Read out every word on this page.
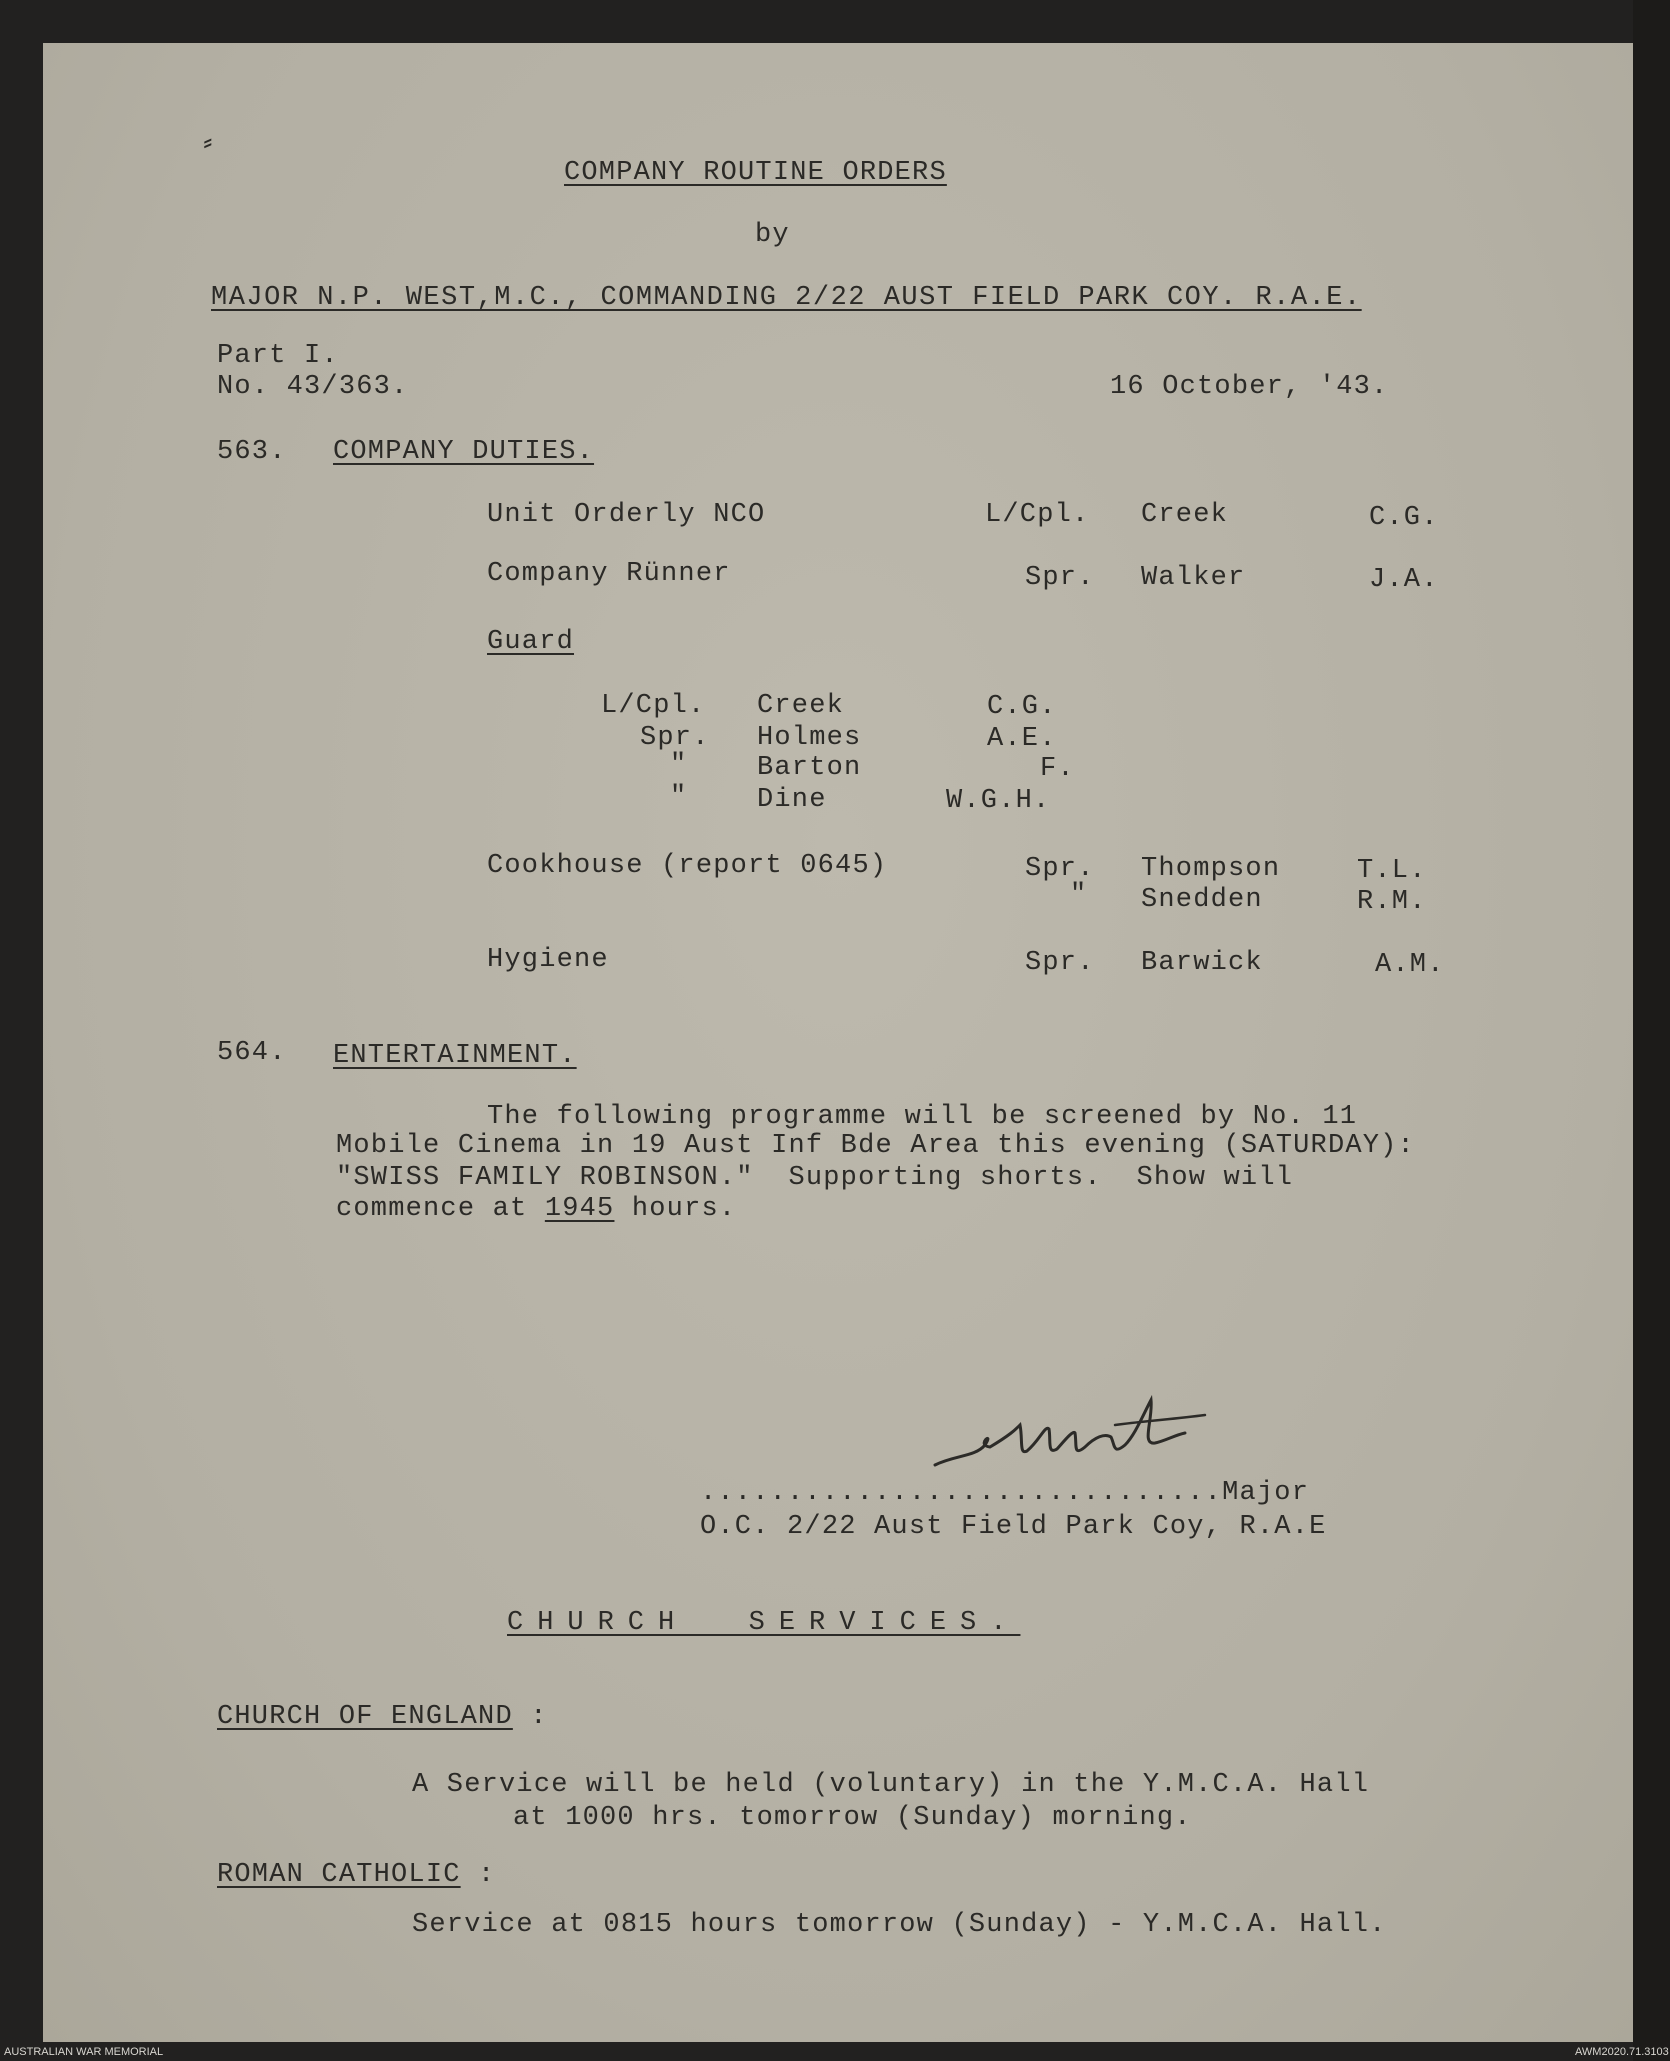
⸗
COMPANY ROUTINE ORDERS
by
MAJOR N.P. WEST,M.C., COMMANDING 2/22 AUST FIELD PARK COY. R.A.E.
Part I.
No. 43/363.	16 October, '43.
563. COMPANY DUTIES.
Unit Orderly NCO	L/Cpl. Creek	C.G.
Company Rünner	Spr. Walker	J.A.
Guard
L/Cpl. Creek	C.G.
Spr. Holmes	A.E.
"	Barton	F.
"	Dine	W.G.H.
Cookhouse (report 0645)	Spr. Thompson	T.L.
" Snedden	R.M.
Hygiene	Spr. Barwick	A.M.
564. ENTERTAINMENT.
The following programme will be screened by No. 11
Mobile Cinema in 19 Aust Inf Bde Area this evening (SATURDAY):
"SWISS FAMILY ROBINSON."  Supporting shorts.  Show will
commence at 1945 hours.
..............................Major
O.C. 2/22 Aust Field Park Coy, R.A.E
CHURCH  SERVICES.
CHURCH OF ENGLAND :
A Service will be held (voluntary) in the Y.M.C.A. Hall
at 1000 hrs. tomorrow (Sunday) morning.
ROMAN CATHOLIC :
Service at 0815 hours tomorrow (Sunday) - Y.M.C.A. Hall.
AUSTRALIAN WAR MEMORIAL	AWM2020.71.3103
